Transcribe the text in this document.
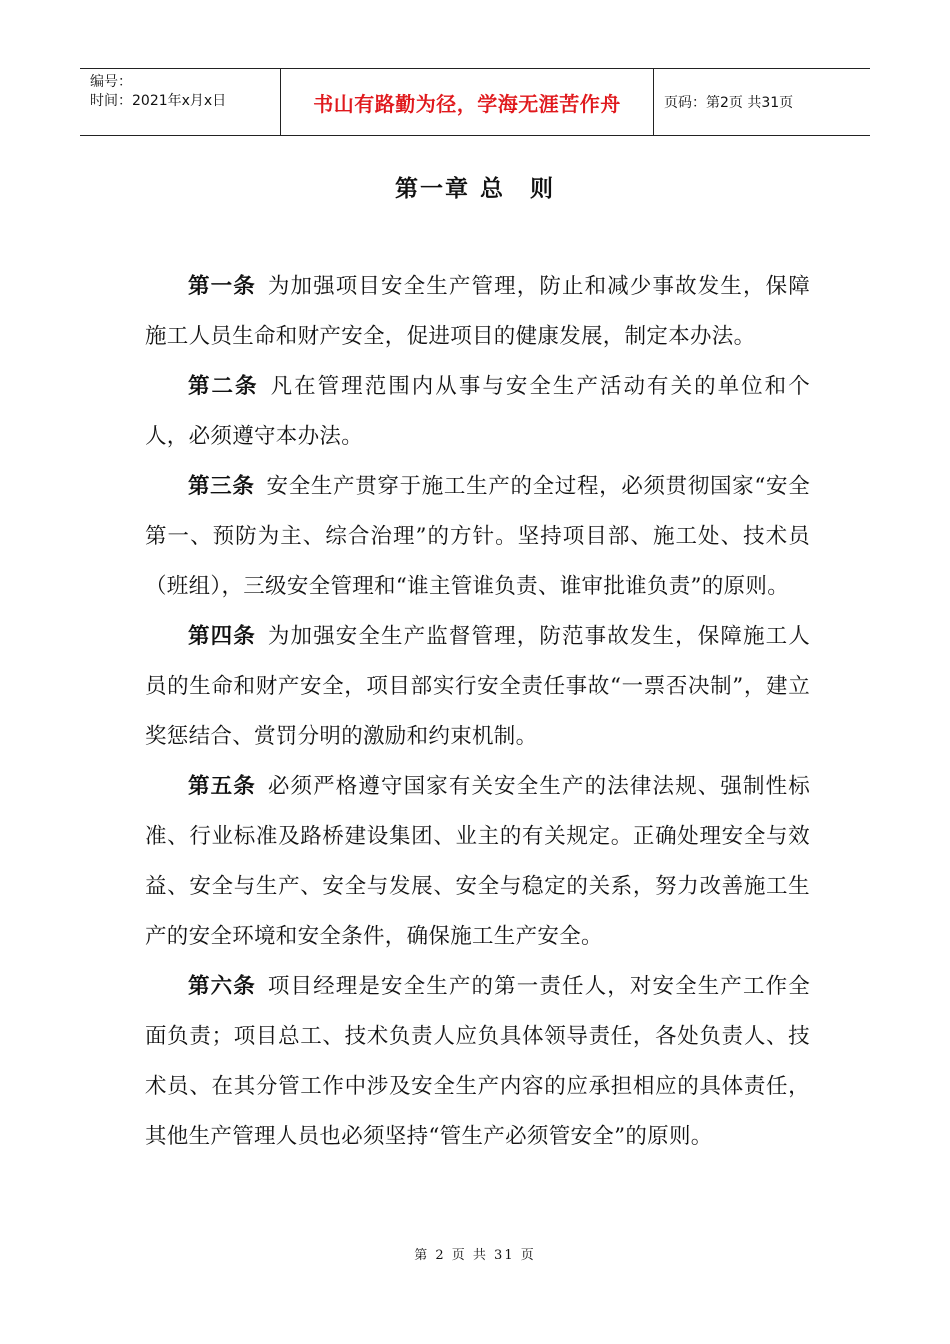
编号：
时间：2021年x月x日	书山有路勤为径，学海无涯苦作舟	页码：第2页 共31页
第一章 总　则

第一条 为加强项目安全生产管理，防止和减少事故发生，保障施工人员生命和财产安全，促进项目的健康发展，制定本办法。

第二条 凡在管理范围内从事与安全生产活动有关的单位和个人，必须遵守本办法。

第三条 安全生产贯穿于施工生产的全过程，必须贯彻国家“安全第一、预防为主、综合治理”的方针。坚持项目部、施工处、技术员（班组），三级安全管理和“谁主管谁负责、谁审批谁负责”的原则。

第四条 为加强安全生产监督管理，防范事故发生，保障施工人员的生命和财产安全，项目部实行安全责任事故“一票否决制”，建立奖惩结合、赏罚分明的激励和约束机制。

第五条 必须严格遵守国家有关安全生产的法律法规、强制性标准、行业标准及路桥建设集团、业主的有关规定。正确处理安全与效益、安全与生产、安全与发展、安全与稳定的关系，努力改善施工生产的安全环境和安全条件，确保施工生产安全。

第六条 项目经理是安全生产的第一责任人，对安全生产工作全面负责；项目总工、技术负责人应负具体领导责任，各处负责人、技术员、在其分管工作中涉及安全生产内容的应承担相应的具体责任，其他生产管理人员也必须坚持“管生产必须管安全”的原则。

第 2 页 共 31 页
